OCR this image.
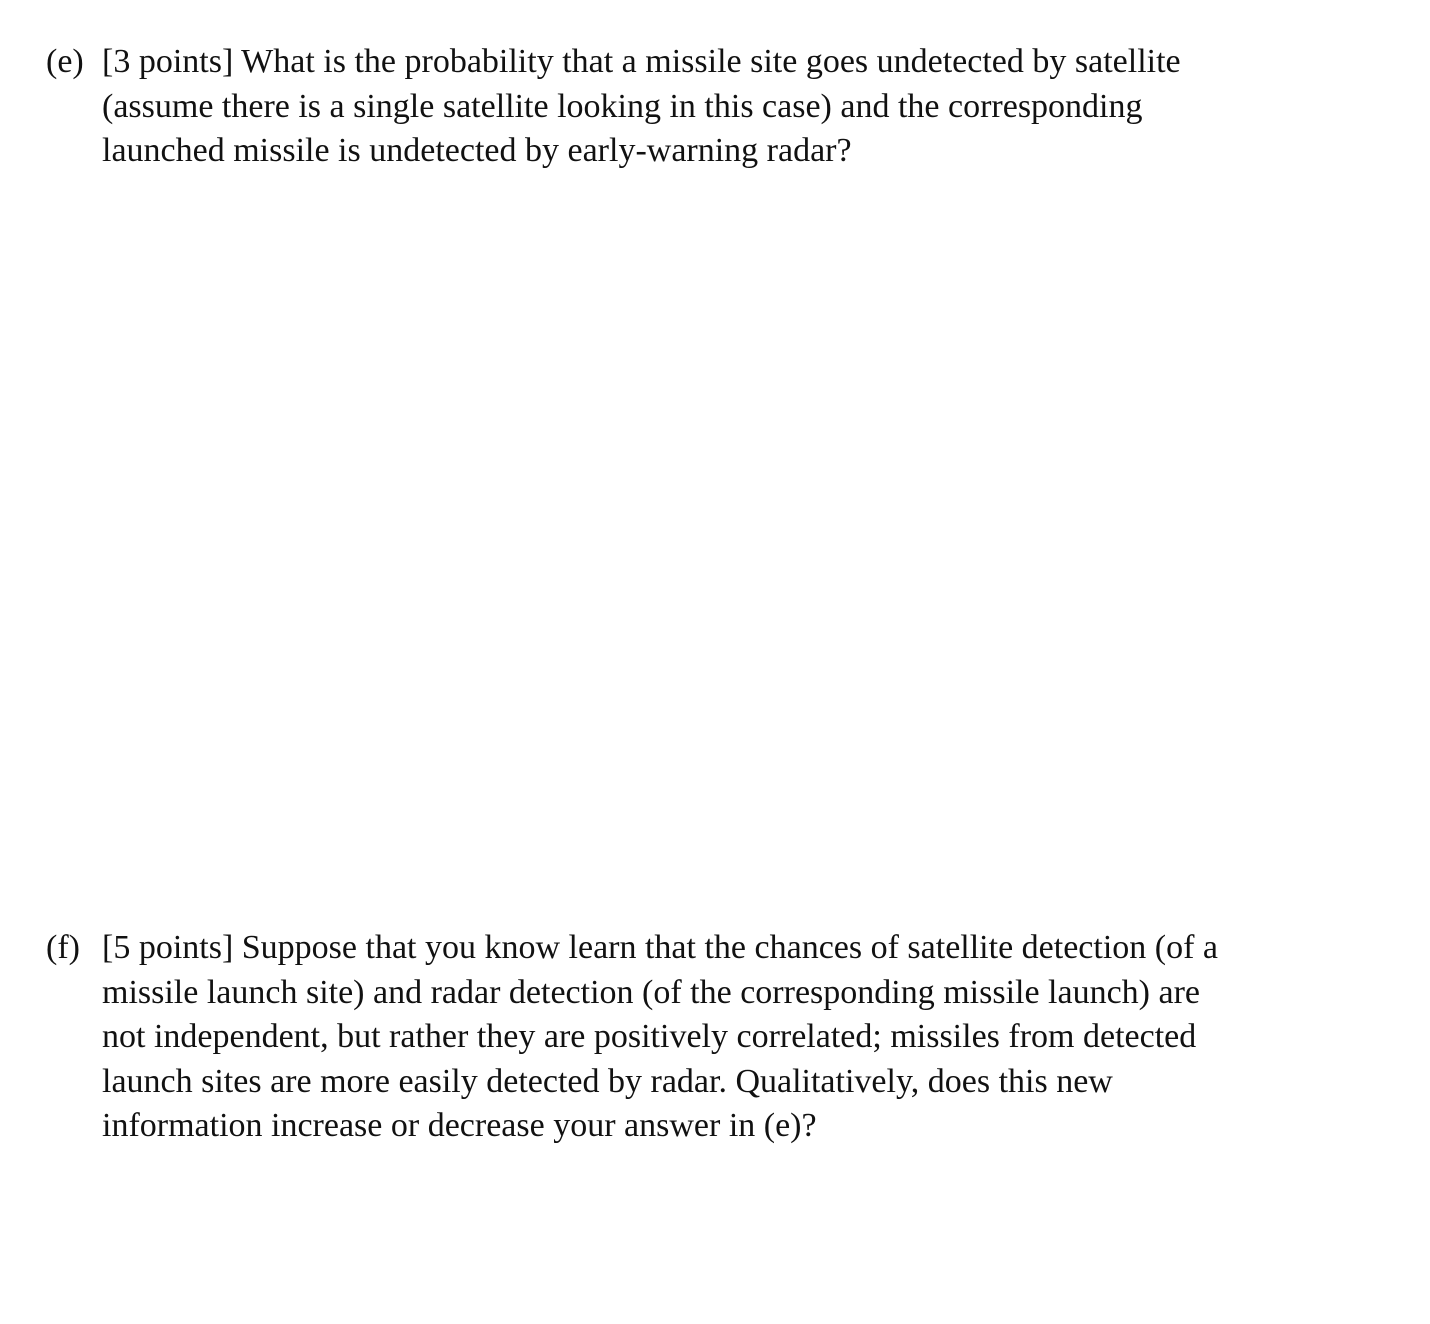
(e) [3 points] What is the probability that a missile site goes undetected by satellite
(assume there is a single satellite looking in this case) and the corresponding
launched missile is undetected by early-warning radar?
(f) [5 points] Suppose that you know learn that the chances of satellite detection (of a
missile launch site) and radar detection (of the corresponding missile launch) are
not independent, but rather they are positively correlated; missiles from detected
launch sites are more easily detected by radar. Qualitatively, does this new
information increase or decrease your answer in (e)?
